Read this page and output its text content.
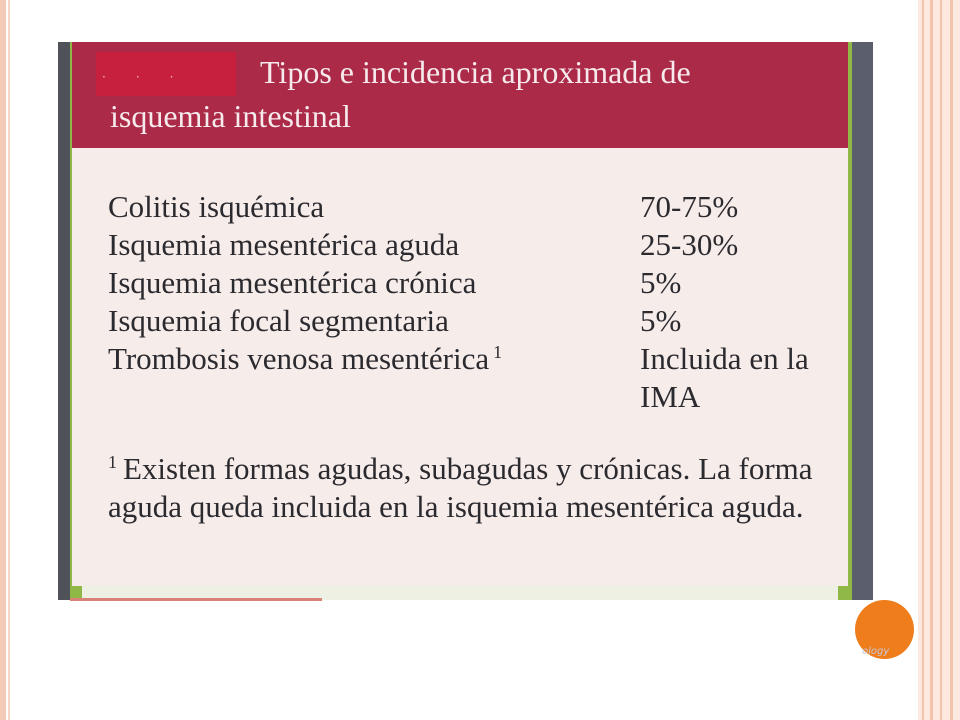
···	Tipos e incidencia aproximada de isquemia intestinal
Colitis isquémica	70-75%
Isquemia mesentérica aguda	25-30%
Isquemia mesentérica crónica	5%
Isquemia focal segmentaria	5%
Trombosis venosa mesentérica $^1$	Incluida en la IMA
$^1$ Existen formas agudas, subagudas y crónicas. La forma aguda queda incluida en la isquemia mesentérica aguda.
ology
